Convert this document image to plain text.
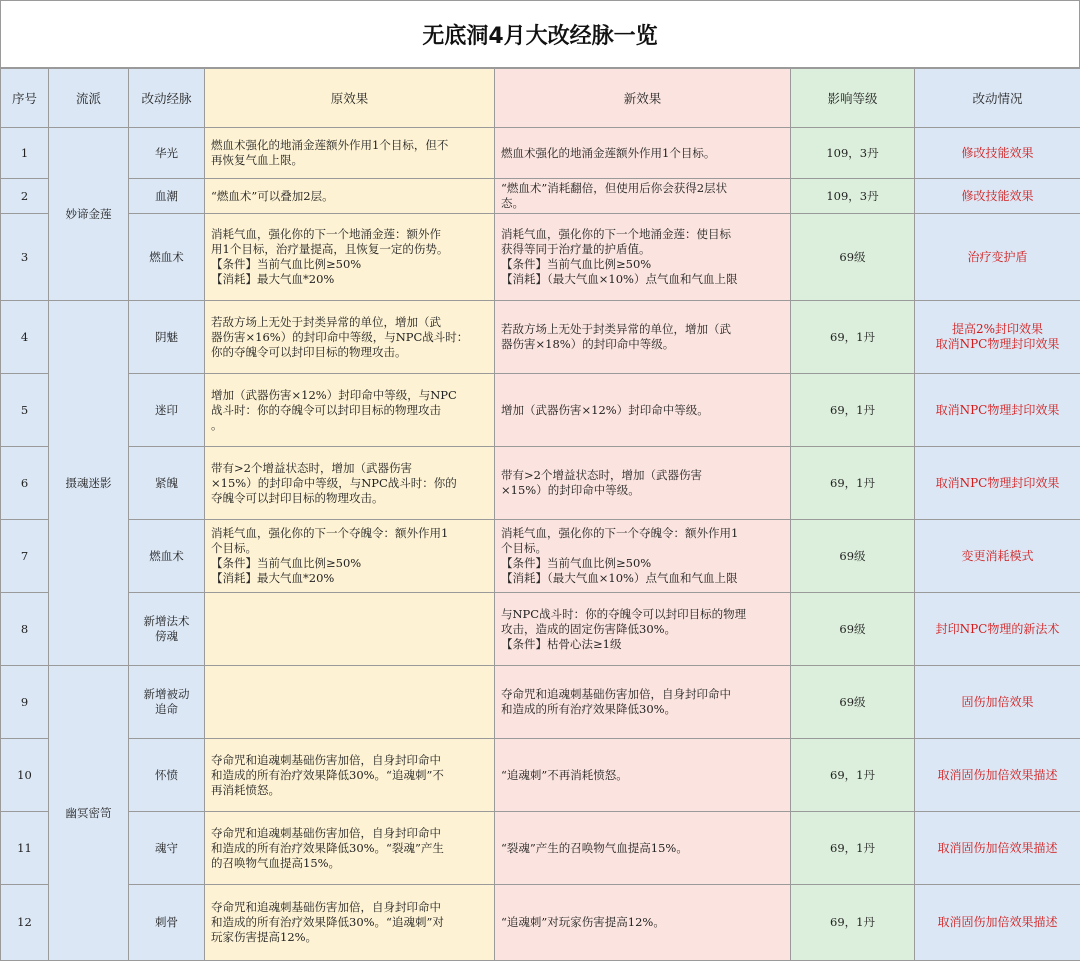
无底洞4月大改经脉一览
序号	流派	改动经脉	原效果	新效果	影响等级	改动情况
1	妙谛金莲	华光	燃血术强化的地涌金莲额外作用1个目标，但不
再恢复气血上限。	燃血术强化的地涌金莲额外作用1个目标。	109，3丹	修改技能效果

2		血潮	“燃血术”可以叠加2层。	“燃血术”消耗翻倍，但使用后你会获得2层状
态。	109，3丹	修改技能效果

3		燃血术	消耗气血，强化你的下一个地涌金莲：额外作
用1个目标，治疗量提高，且恢复一定的伤势。
【条件】当前气血比例≥50%
【消耗】最大气血*20%	消耗气血，强化你的下一个地涌金莲：使目标
获得等同于治疗量的护盾值。
【条件】当前气血比例≥50%
【消耗】（最大气血×10%）点气血和气血上限	69级	治疗变护盾

4	摄魂迷影	阴魅	若敌方场上无处于封类异常的单位，增加（武
器伤害×16%）的封印命中等级，与NPC战斗时：
你的夺魄令可以封印目标的物理攻击。	若敌方场上无处于封类异常的单位，增加（武
器伤害×18%）的封印命中等级。	69，1丹	提高2%封印效果
取消NPC物理封印效果

5		迷印	增加（武器伤害×12%）封印命中等级，与NPC
战斗时：你的夺魄令可以封印目标的物理攻击
。	增加（武器伤害×12%）封印命中等级。	69，1丹	取消NPC物理封印效果

6		紧魄	带有>2个增益状态时，增加（武器伤害
×15%）的封印命中等级，与NPC战斗时：你的
夺魄令可以封印目标的物理攻击。	带有>2个增益状态时，增加（武器伤害
×15%）的封印命中等级。	69，1丹	取消NPC物理封印效果

7		燃血术	消耗气血，强化你的下一个夺魄令：额外作用1
个目标。
【条件】当前气血比例≥50%
【消耗】最大气血*20%	消耗气血，强化你的下一个夺魄令：额外作用1
个目标。
【条件】当前气血比例≥50%
【消耗】（最大气血×10%）点气血和气血上限	69级	变更消耗模式

8		新增法术
傍魂		与NPC战斗时：你的夺魄令可以封印目标的物理
攻击，造成的固定伤害降低30%。
【条件】枯骨心法≥1级	69级	封印NPC物理的新法术

9	幽冥密笥	新增被动
追命		夺命咒和追魂刺基础伤害加倍，自身封印命中
和造成的所有治疗效果降低30%。	69级	固伤加倍效果

10		怀愤	夺命咒和追魂刺基础伤害加倍，自身封印命中
和造成的所有治疗效果降低30%。“追魂刺”不
再消耗愤怒。	“追魂刺”不再消耗愤怒。	69，1丹	取消固伤加倍效果描述

11		魂守	夺命咒和追魂刺基础伤害加倍，自身封印命中
和造成的所有治疗效果降低30%。“裂魂”产生
的召唤物气血提高15%。	“裂魂”产生的召唤物气血提高15%。	69，1丹	取消固伤加倍效果描述

12		刺骨	夺命咒和追魂刺基础伤害加倍，自身封印命中
和造成的所有治疗效果降低30%。“追魂刺”对
玩家伤害提高12%。	“追魂刺”对玩家伤害提高12%。	69，1丹	取消固伤加倍效果描述
